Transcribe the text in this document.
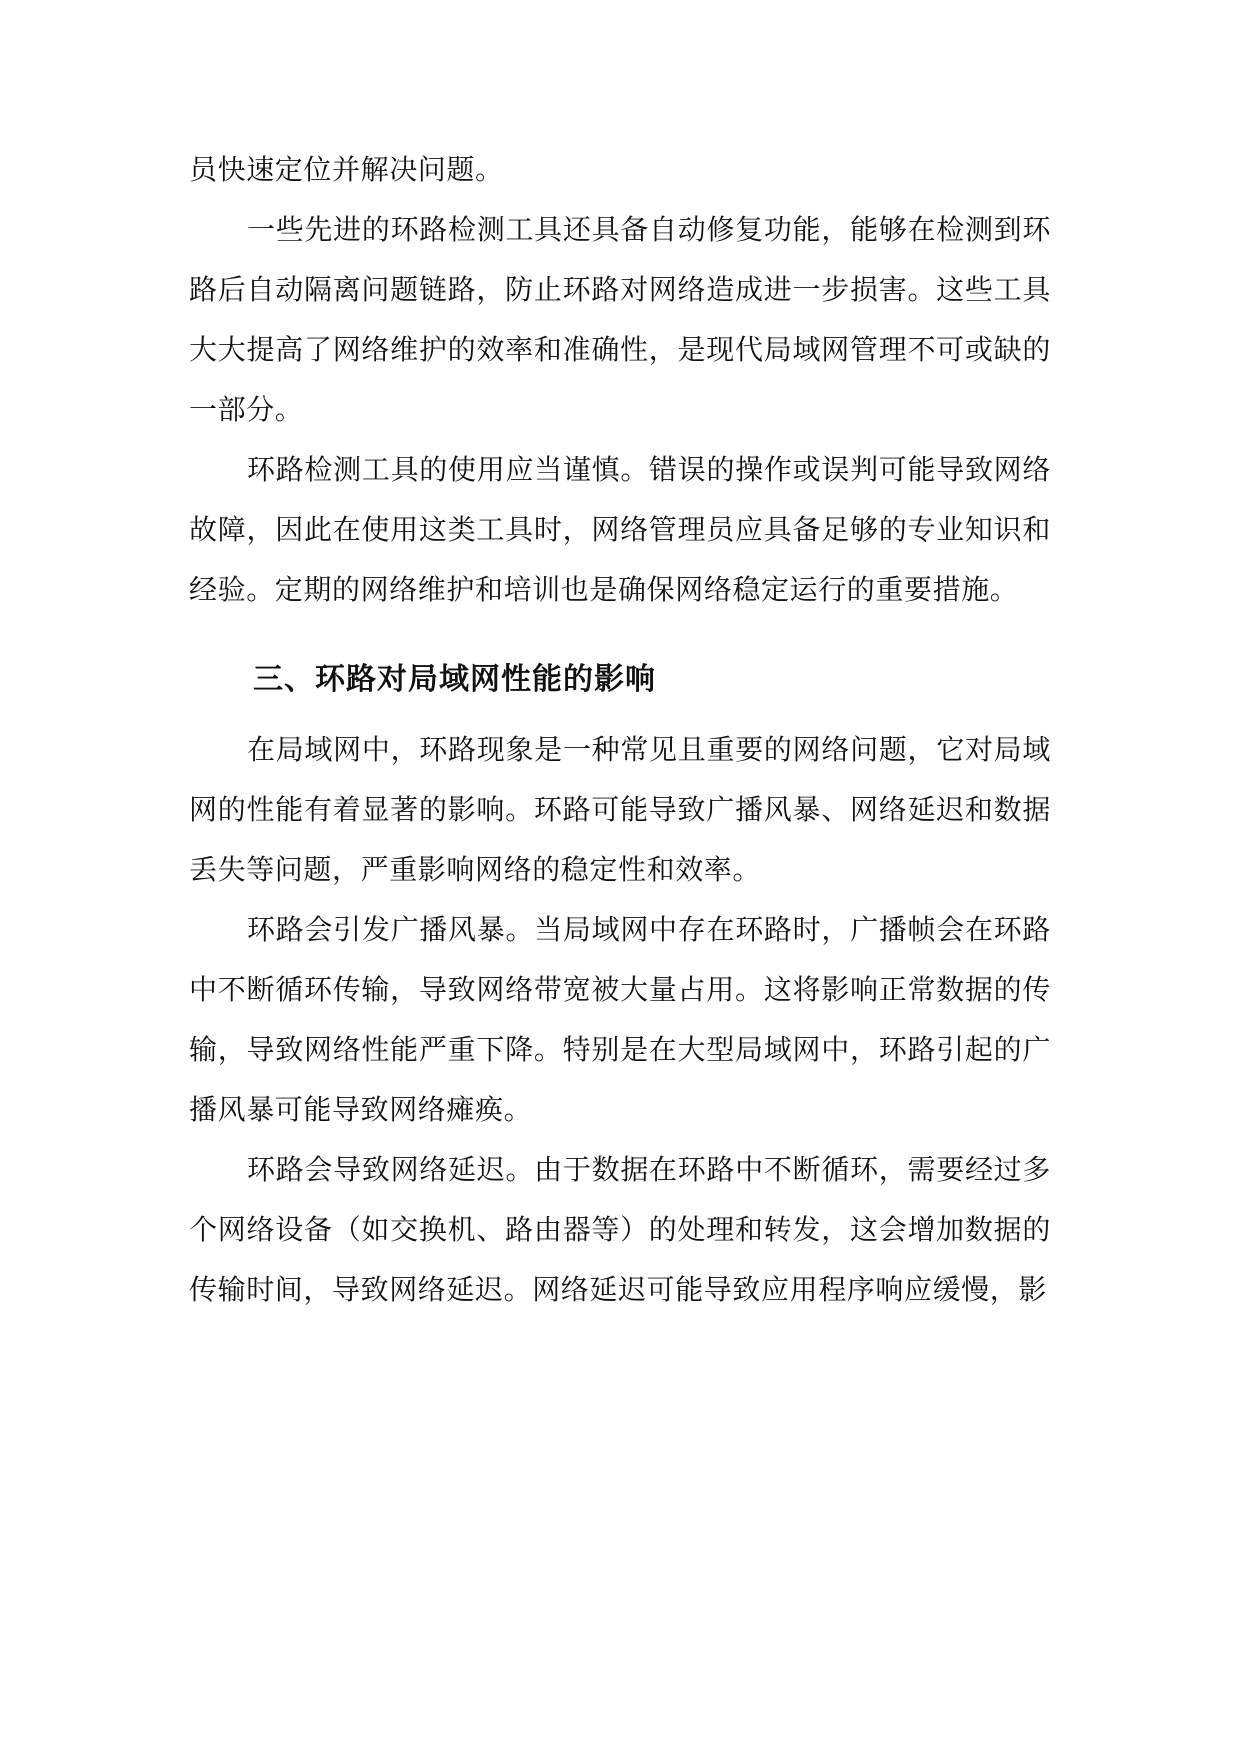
员快速定位并解决问题。

一些先进的环路检测工具还具备自动修复功能，能够在检测到环路后自动隔离问题链路，防止环路对网络造成进一步损害。这些工具大大提高了网络维护的效率和准确性，是现代局域网管理不可或缺的一部分。

环路检测工具的使用应当谨慎。错误的操作或误判可能导致网络故障，因此在使用这类工具时，网络管理员应具备足够的专业知识和经验。定期的网络维护和培训也是确保网络稳定运行的重要措施。

三、环路对局域网性能的影响

在局域网中，环路现象是一种常见且重要的网络问题，它对局域网的性能有着显著的影响。环路可能导致广播风暴、网络延迟和数据丢失等问题，严重影响网络的稳定性和效率。

环路会引发广播风暴。当局域网中存在环路时，广播帧会在环路中不断循环传输，导致网络带宽被大量占用。这将影响正常数据的传输，导致网络性能严重下降。特别是在大型局域网中，环路引起的广播风暴可能导致网络瘫痪。

环路会导致网络延迟。由于数据在环路中不断循环，需要经过多个网络设备（如交换机、路由器等）的处理和转发，这会增加数据的传输时间，导致网络延迟。网络延迟可能导致应用程序响应缓慢，影
